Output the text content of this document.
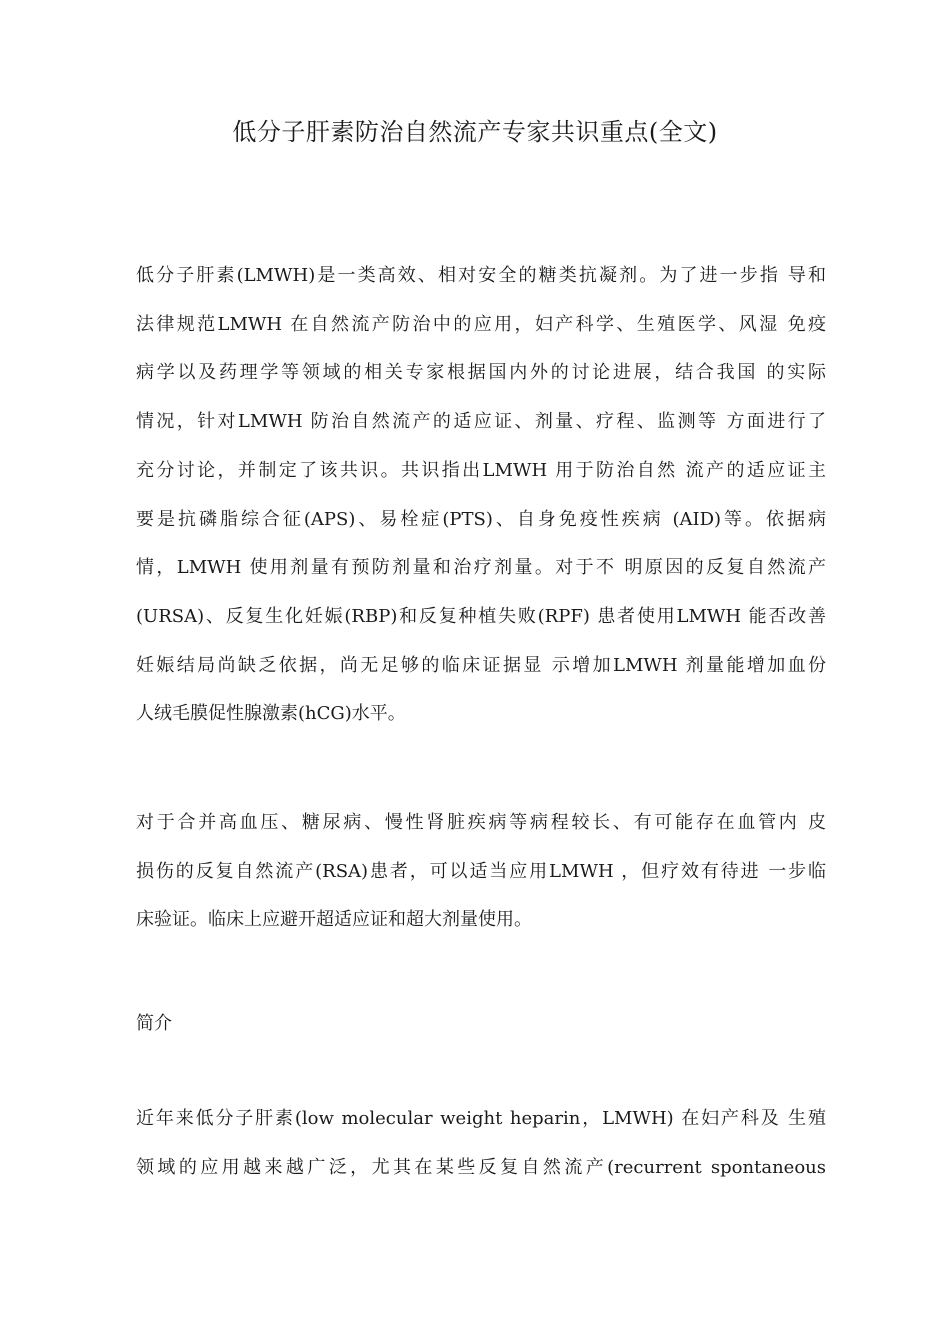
低分子肝素防治自然流产专家共识重点(全文)

低分子肝素(LMWH)是一类高效、相对安全的糖类抗凝剂。为了进一步指 导和
法律规范LMWH 在自然流产防治中的应用，妇产科学、生殖医学、风湿 免疫
病学以及药理学等领域的相关专家根据国内外的讨论进展，结合我国 的实际
情况，针对LMWH 防治自然流产的适应证、剂量、疗程、监测等 方面进行了
充分讨论，并制定了该共识。共识指出LMWH 用于防治自然 流产的适应证主
要是抗磷脂综合征(APS)、易栓症(PTS)、自身免疫性疾病 (AID)等。依据病
情，LMWH 使用剂量有预防剂量和治疗剂量。对于不 明原因的反复自然流产
(URSA)、反复生化妊娠(RBP)和反复种植失败(RPF) 患者使用LMWH 能否改善
妊娠结局尚缺乏依据，尚无足够的临床证据显 示增加LMWH 剂量能增加血份
人绒毛膜促性腺激素(hCG)水平。

对于合并高血压、糖尿病、慢性肾脏疾病等病程较长、有可能存在血管内 皮
损伤的反复自然流产(RSA)患者，可以适当应用LMWH ，但疗效有待进 一步临
床验证。临床上应避开超适应证和超大剂量使用。

简介

近年来低分子肝素(low molecular weight heparin，LMWH) 在妇产科及 生殖
领域的应用越来越广泛，尤其在某些反复自然流产(recurrent spontaneous
